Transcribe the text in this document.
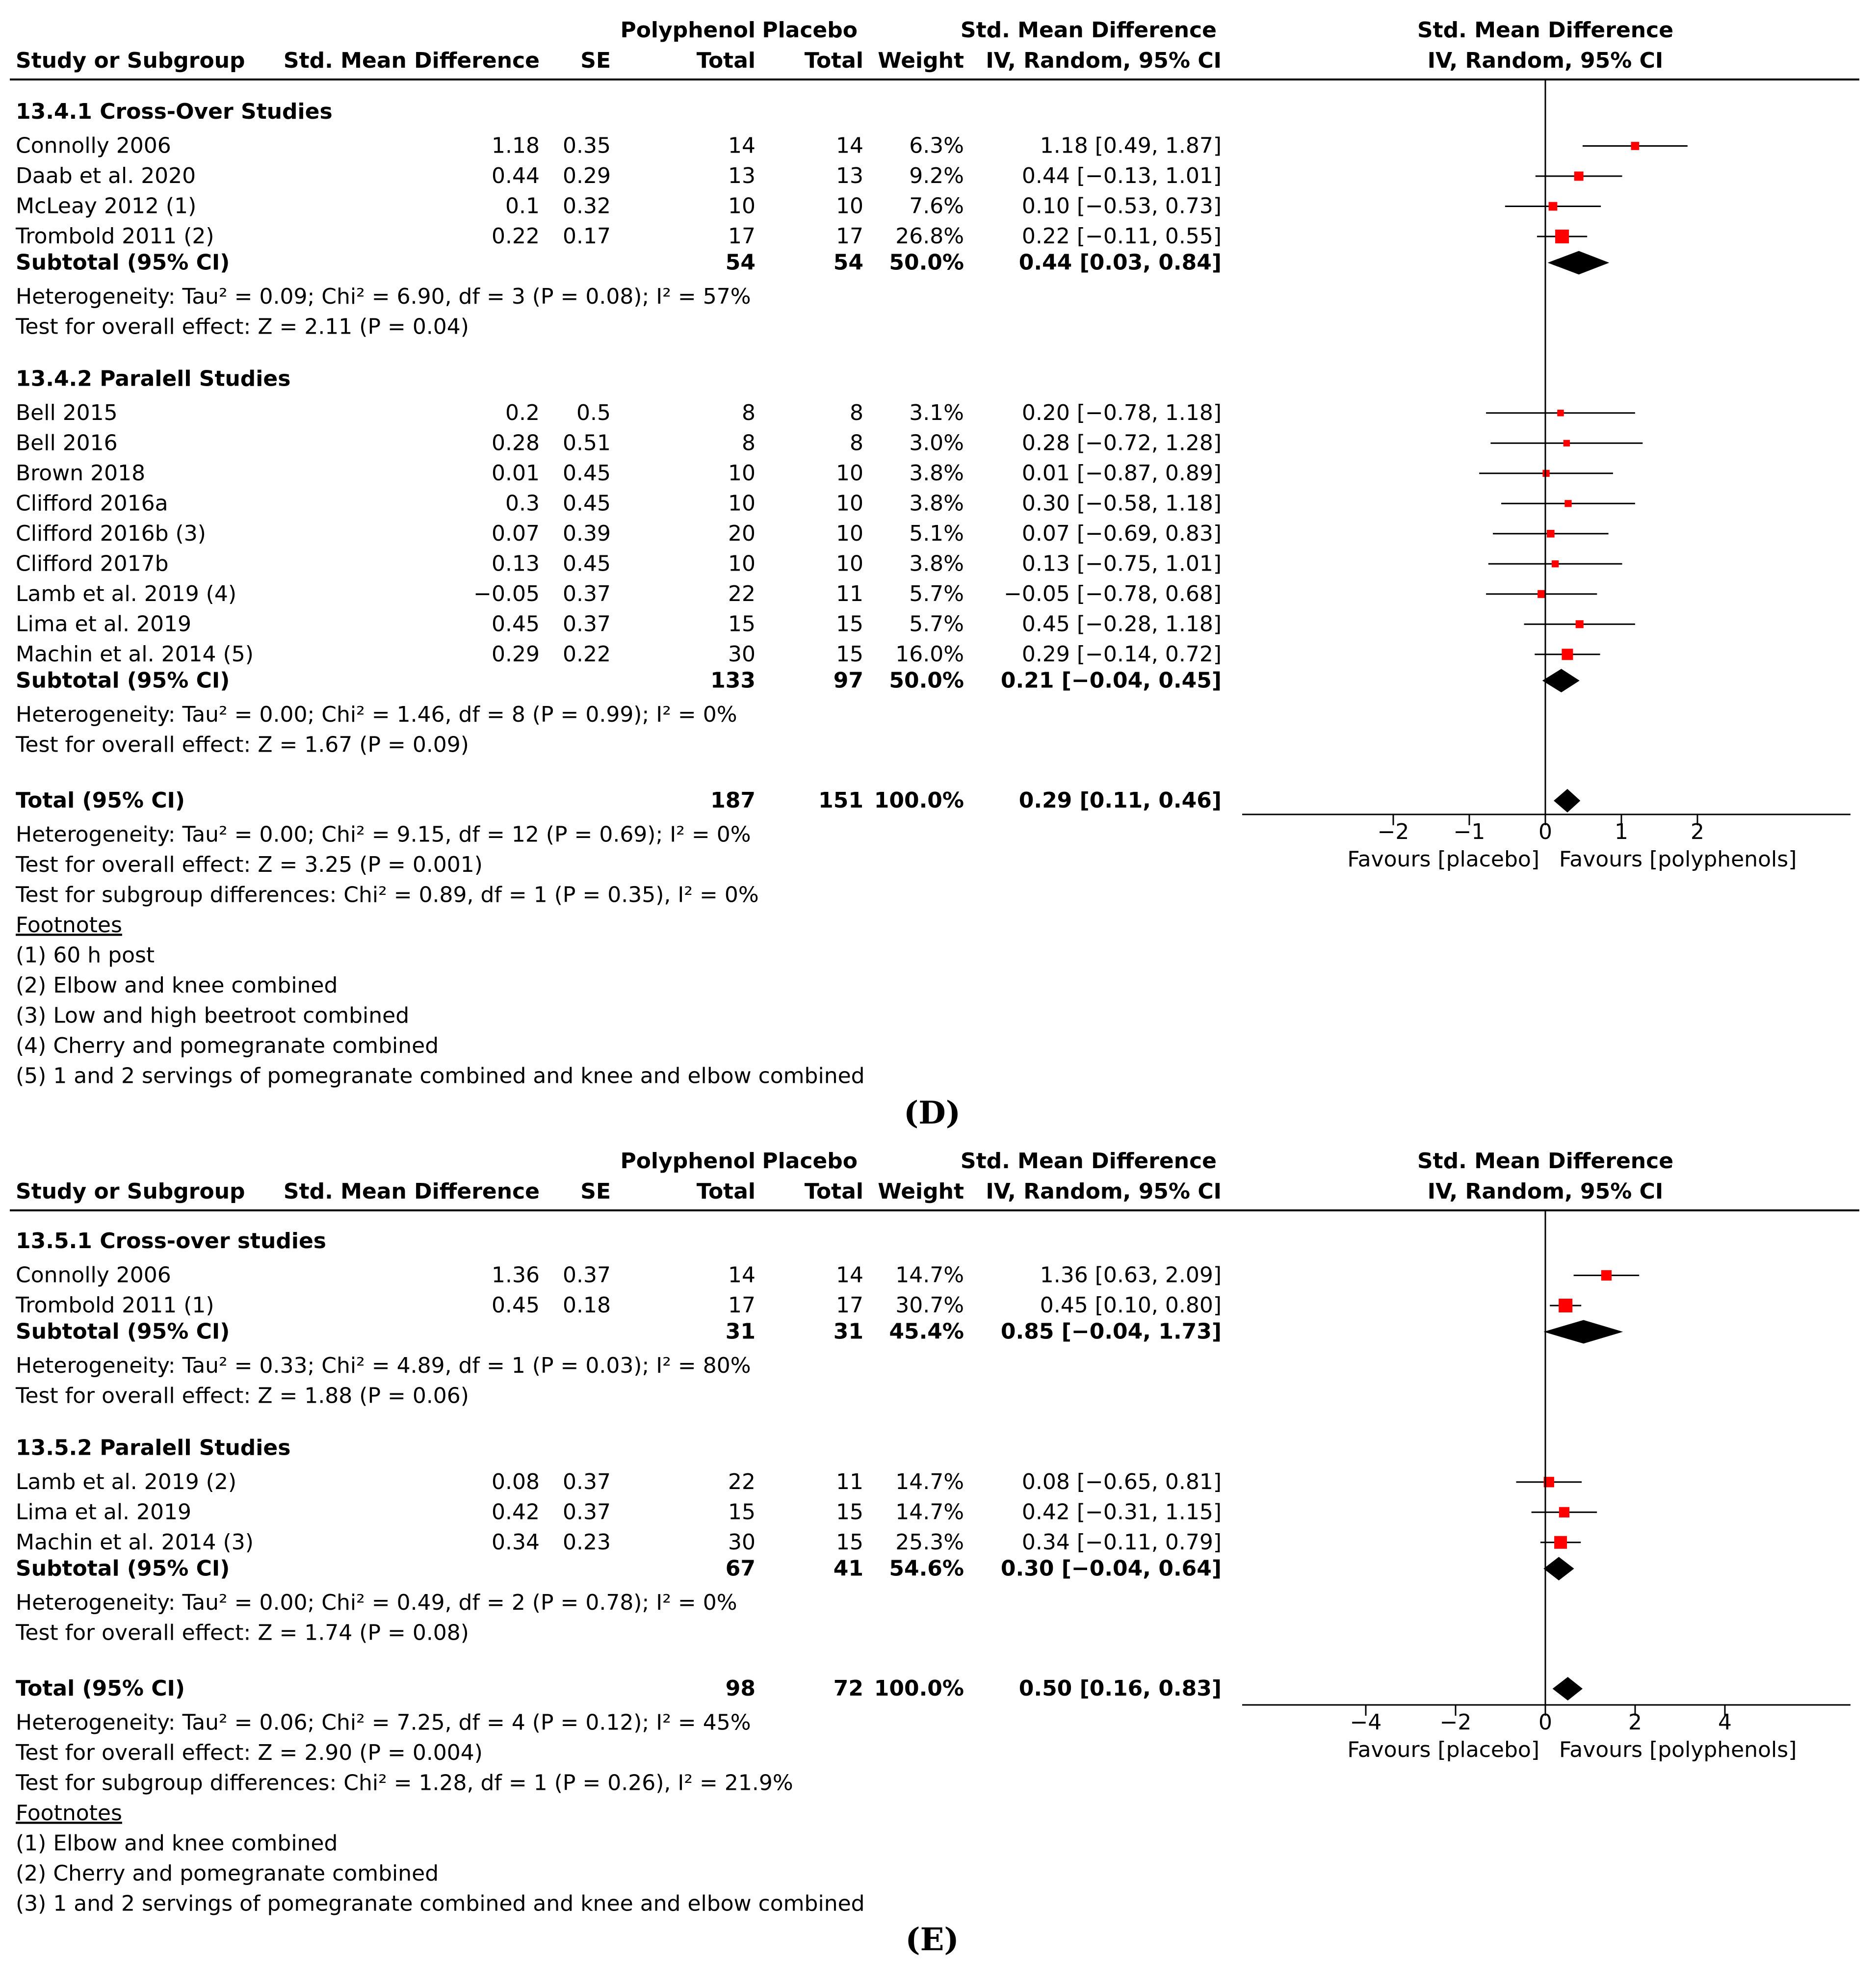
Polyphenol Placebo	Std. Mean Difference	Std. Mean Difference
Study or Subgroup Std. Mean Difference SE	Total Total Weight IV, Random, 95% CI	IV, Random, 95% CI
13.4.1 Cross-Over Studies
Connolly 2006	1.18 0.35	14	14 6.3%	1.18 [0.49, 1.87]
Daab et al. 2020	0.44 0.29	13	13 9.2%	0.44 [−0.13, 1.01]
McLeay 2012 (1)	0.1 0.32	10	10 7.6%	0.10 [−0.53, 0.73]
Trombold 2011 (2)	0.22 0.17	17	17 26.8%	0.22 [−0.11, 0.55]
Subtotal (95% CI)	54	54 50.0%	0.44 [0.03, 0.84]
Heterogeneity: Tau² = 0.09; Chi² = 6.90, df = 3 (P = 0.08); I² = 57%
Test for overall effect: Z = 2.11 (P = 0.04)
13.4.2 Paralell Studies
Bell 2015	0.2 0.5	8	8 3.1%	0.20 [−0.78, 1.18]
Bell 2016	0.28 0.51	8	8 3.0%	0.28 [−0.72, 1.28]
Brown 2018	0.01 0.45	10	10 3.8%	0.01 [−0.87, 0.89]
Clifford 2016a	0.3 0.45	10	10 3.8%	0.30 [−0.58, 1.18]
Clifford 2016b (3)	0.07 0.39	20	10 5.1%	0.07 [−0.69, 0.83]
Clifford 2017b	0.13 0.45	10	10 3.8%	0.13 [−0.75, 1.01]
Lamb et al. 2019 (4)	−0.05 0.37	22	11 5.7% −0.05 [−0.78, 0.68]
Lima et al. 2019	0.45 0.37	15	15 5.7%	0.45 [−0.28, 1.18]
Machin et al. 2014 (5)	0.29 0.22	30	15 16.0%	0.29 [−0.14, 0.72]
Subtotal (95% CI)	133	97 50.0% 0.21 [−0.04, 0.45]
Heterogeneity: Tau² = 0.00; Chi² = 1.46, df = 8 (P = 0.99); I² = 0%
Test for overall effect: Z = 1.67 (P = 0.09)
Total (95% CI)	187	151 100.0%	0.29 [0.11, 0.46]
Heterogeneity: Tau² = 0.00; Chi² = 9.15, df = 12 (P = 0.69); I² = 0%
Test for overall effect: Z = 3.25 (P = 0.001)
Test for subgroup differences: Chi² = 0.89, df = 1 (P = 0.35), I² = 0%
Footnotes
(1) 60 h post
(2) Elbow and knee combined
(3) Low and high beetroot combined
(4) Cherry and pomegranate combined
(5) 1 and 2 servings of pomegranate combined and knee and elbow combined
−2 −1 0	1	2
Favours [placebo] Favours [polyphenols]
(D)
Polyphenol Placebo	Std. Mean Difference	Std. Mean Difference
Study or Subgroup Std. Mean Difference SE	Total Total Weight IV, Random, 95% CI	IV, Random, 95% CI
13.5.1 Cross-over studies
Connolly 2006	1.36 0.37	14	14 14.7%	1.36 [0.63, 2.09]
Trombold 2011 (1)	0.45 0.18	17	17 30.7%	0.45 [0.10, 0.80]
Subtotal (95% CI)	31	31 45.4% 0.85 [−0.04, 1.73]
Heterogeneity: Tau² = 0.33; Chi² = 4.89, df = 1 (P = 0.03); I² = 80%
Test for overall effect: Z = 1.88 (P = 0.06)
13.5.2 Paralell Studies
Lamb et al. 2019 (2)	0.08 0.37	22	11 14.7%	0.08 [−0.65, 0.81]
Lima et al. 2019	0.42 0.37	15	15 14.7%	0.42 [−0.31, 1.15]
Machin et al. 2014 (3)	0.34 0.23	30	15 25.3%	0.34 [−0.11, 0.79]
Subtotal (95% CI)	67	41 54.6% 0.30 [−0.04, 0.64]
Heterogeneity: Tau² = 0.00; Chi² = 0.49, df = 2 (P = 0.78); I² = 0%
Test for overall effect: Z = 1.74 (P = 0.08)
Total (95% CI)	98	72 100.0%	0.50 [0.16, 0.83]
Heterogeneity: Tau² = 0.06; Chi² = 7.25, df = 4 (P = 0.12); I² = 45%
Test for overall effect: Z = 2.90 (P = 0.004)
Test for subgroup differences: Chi² = 1.28, df = 1 (P = 0.26), I² = 21.9%
Footnotes
(1) Elbow and knee combined
(2) Cherry and pomegranate combined
(3) 1 and 2 servings of pomegranate combined and knee and elbow combined
−4	−2	0	2	4
Favours [placebo] Favours [polyphenols]
(E)
